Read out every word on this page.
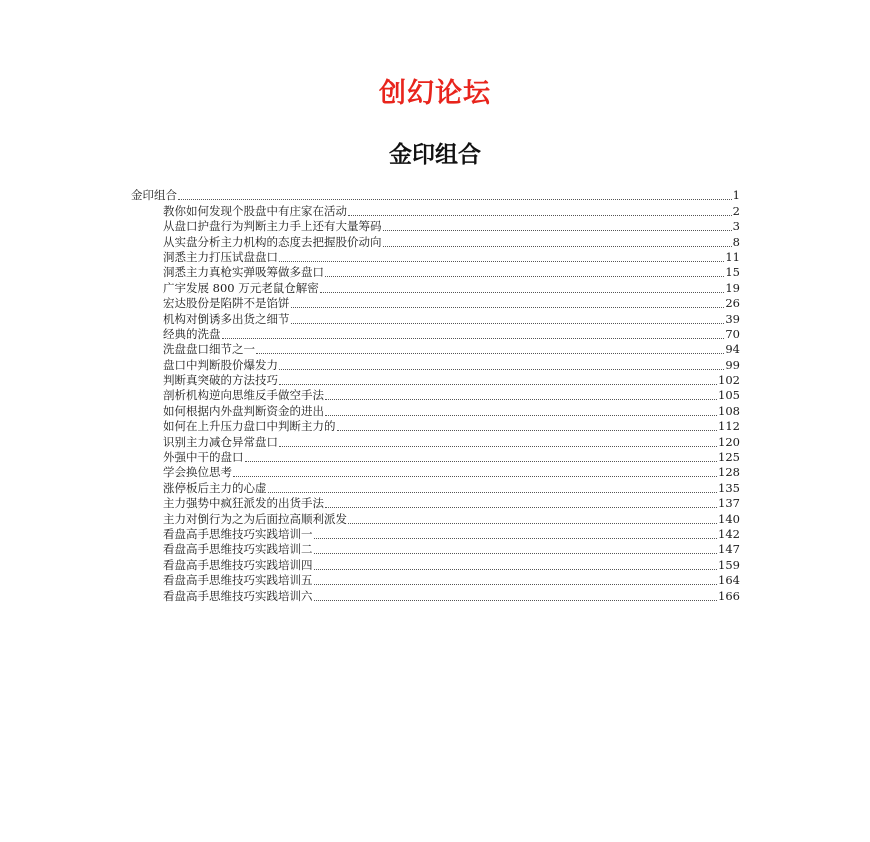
创幻论坛
金印组合
金印组合	1
教你如何发现个股盘中有庄家在活动	2
从盘口护盘行为判断主力手上还有大量筹码	3
从实盘分析主力机构的态度去把握股价动向	8
洞悉主力打压试盘盘口	11
洞悉主力真枪实弹吸筹做多盘口	15
广宇发展 800 万元老鼠仓解密	19
宏达股份是陷阱不是馅饼	26
机构对倒诱多出货之细节	39
经典的洗盘	70
洗盘盘口细节之一	94
盘口中判断股价爆发力	99
判断真突破的方法技巧	102
剖析机构逆向思维反手做空手法	105
如何根据内外盘判断资金的进出	108
如何在上升压力盘口中判断主力的	112
识别主力减仓异常盘口	120
外强中干的盘口	125
学会换位思考	128
涨停板后主力的心虚	135
主力强势中疯狂派发的出货手法	137
主力对倒行为之为后面拉高顺利派发	140
看盘高手思维技巧实践培训一	142
看盘高手思维技巧实践培训二	147
看盘高手思维技巧实践培训四	159
看盘高手思维技巧实践培训五	164
看盘高手思维技巧实践培训六	166
